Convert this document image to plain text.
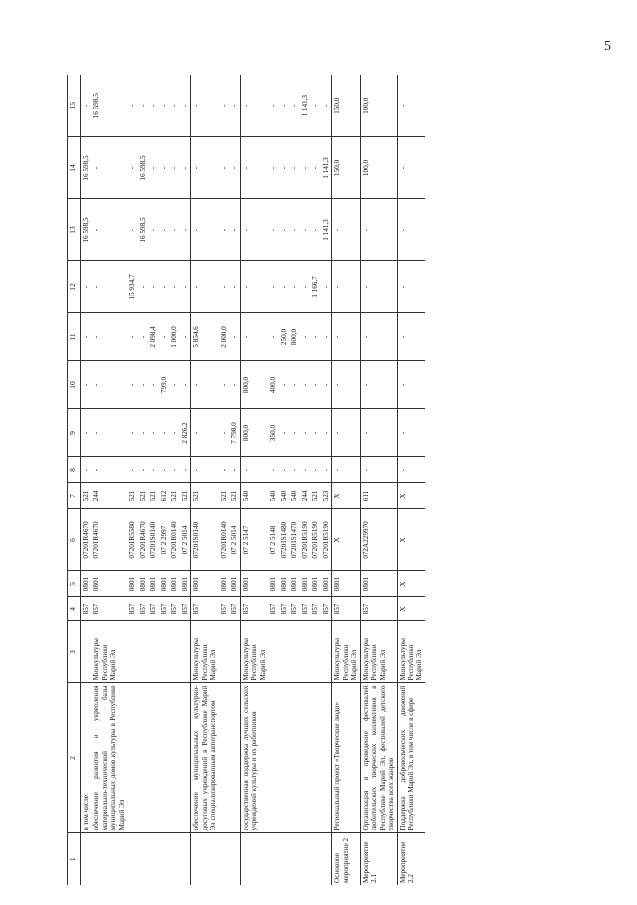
5
1	2	3	4	5	6	7	8	9	10	11	12	13	14	15
	в том числе:		857	0801	07201R4670	521	-	-	-	-	-	16 598,5	16 598,5	-
	обеспечение развития и укрепления материально-технической базы муниципальных домов культуры в Республике Марий Эл	Минкультуры Республики Марий Эл	857	0801	07201R4670	244	-	-	-	-	-	-	-	16 598,5
			857	0801	07201R5580	521	-	-	-	-	15 934,7	-	-	-
			857	0801	07201R4670	521	-	-	-	-	-	16 598,5	16 598,5	-
			857	0801	07201S0140	521	-	-	-	2 098,4	-	-	-	-
			857	0801	07 2 2997	612	-	-	799,0	-	-	-	-	-
			857	0801	07201R0140	521	-	-	-	1 000,0	-	-	-	-
			857	0801	07 2 5014	521	-	2 826,2	-	-	-	-	-	-
	обеспечение муниципальных культурно-досуговых учреждений в Республике Марий Эл специализированным автотранспортом	Минкультуры Республики Марий Эл	857	0801	07201S0140	521	-	-	-	5 854,6	-	-	-	-
			857	0801	07201R0140	521	-	-	-	2 000,0	-	-	-	-
			857	0801	07 2 5014	521	-	7 798,0	-	-	-	-	-	-
	государственная поддержка лучших сельских учреждений культуры и их работников	Минкультуры Республики Марий Эл	857	0801	07 2 5147	540	-	800,0	800,0	-	-	-	-	-
			857	0801	07 2 5148	540	-	350,0	400,0	-	-	-	-	-
			857	0801	07201S1480	540	-	-	-	250,0	-	-	-	-
			857	0801	07201S1470	540	-	-	-	800,0	-	-	-	-
			857	0801	07201R5190	244	-	-	-	-	-	-	-	1 141,3
			857	0801	07201R5190	521	-	-	-	-	1 166,7	-	-	-
			857	0801	07201R5190	523	-	-	-	-	-	1 141,3	1 141,3	-
Основное мероприятие 2	Региональный проект «Творческие люди»	Минкультуры Республики Марий Эл	857	0801	X	X	-	-	-	-	-	-	150,0	150,0
Мероприятие 2.1	Организация и проведение фестивалей любительских творческих коллективов в Республике Марий Эл, фестивалей детского творчества всех жанров	Минкультуры Республики Марий Эл	857	0801	072A229970	611	-	-	-	-	-	-	100,0	100,0
Мероприятие 2.2	Поддержка добровольческих движений Республики Марий Эл, в том числе в сфере	Минкультуры Республики Марий Эл	X	X	X	X	-	-	-	-	-	-	-	-
